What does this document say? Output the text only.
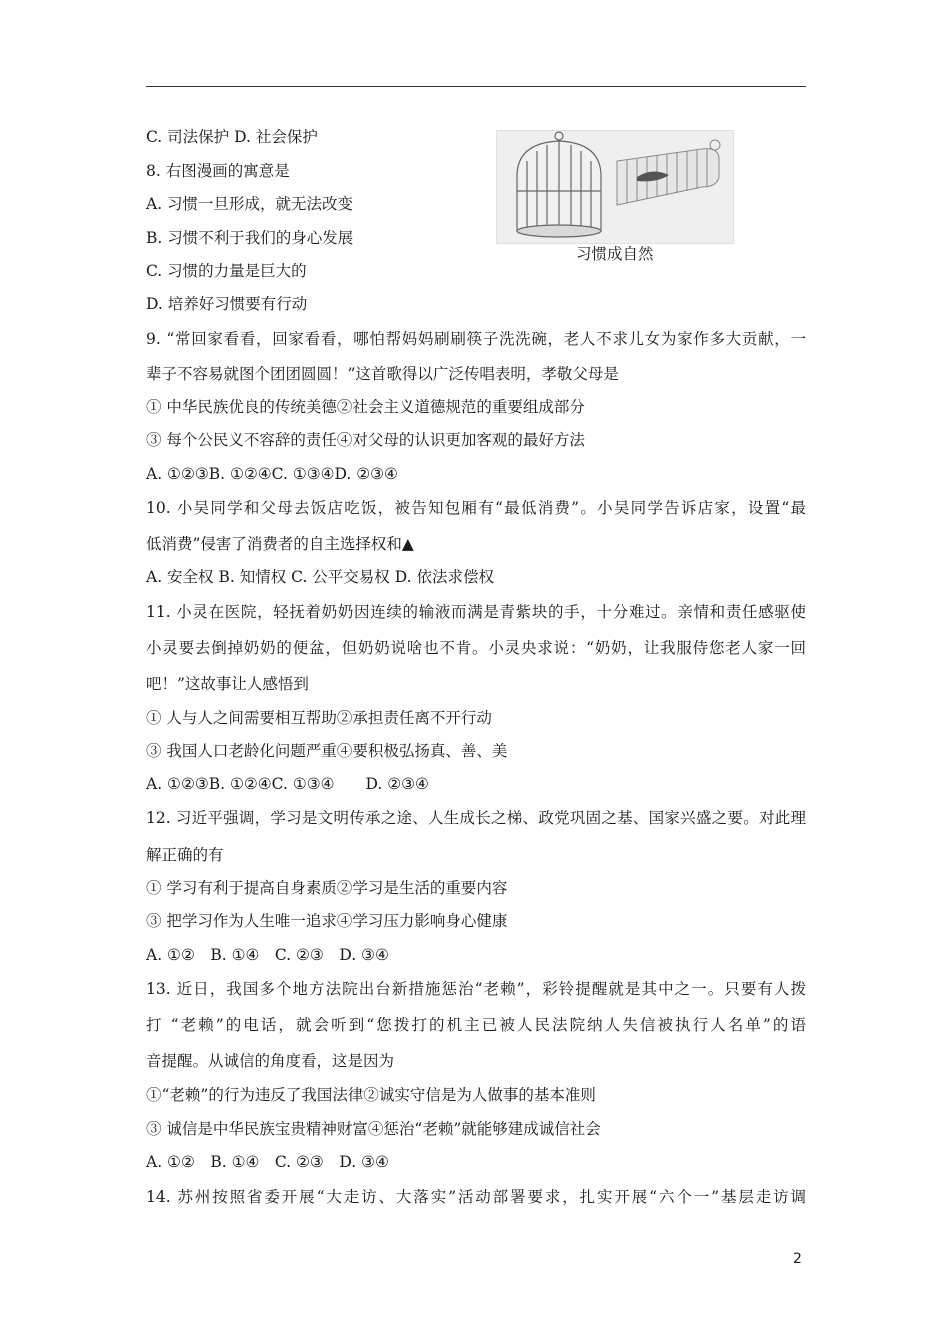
习惯成自然
C. 司法保护 D. 社会保护
8. 右图漫画的寓意是
A. 习惯一旦形成，就无法改变
B. 习惯不利于我们的身心发展
C. 习惯的力量是巨大的
D. 培养好习惯要有行动
9. “常回家看看，回家看看，哪怕帮妈妈刷刷筷子洗洗碗，老人不求儿女为家作多大贡献，一
辈子不容易就图个团团圆圆！”这首歌得以广泛传唱表明，孝敬父母是
① 中华民族优良的传统美德②社会主义道德规范的重要组成部分
③ 每个公民义不容辞的责任④对父母的认识更加客观的最好方法
A. ①②③B. ①②④C. ①③④D. ②③④
10. 小吴同学和父母去饭店吃饭，被告知包厢有“最低消费”。小吴同学告诉店家，设置“最
低消费”侵害了消费者的自主选择权和▲
A. 安全权 B. 知情权 C. 公平交易权 D. 依法求偿权
11. 小灵在医院，轻抚着奶奶因连续的输液而满是青紫块的手，十分难过。亲情和责任感驱使
小灵要去倒掉奶奶的便盆，但奶奶说啥也不肯。小灵央求说：“奶奶，让我服侍您老人家一回
吧！”这故事让人感悟到
① 人与人之间需要相互帮助②承担责任离不开行动
③ 我国人口老龄化问题严重④要积极弘扬真、善、美
A. ①②③B. ①②④C. ①③④　　D. ②③④
12. 习近平强调，学习是文明传承之途、人生成长之梯、政党巩固之基、国家兴盛之要。对此理
解正确的有
① 学习有利于提高自身素质②学习是生活的重要内容
③ 把学习作为人生唯一追求④学习压力影响身心健康
A. ①②　B. ①④　C. ②③　D. ③④
13. 近日，我国多个地方法院出台新措施惩治“老赖”，彩铃提醒就是其中之一。只要有人拨
打 “老赖”的电话，就会听到“您拨打的机主已被人民法院纳人失信被执行人名单”的语
音提醒。从诚信的角度看，这是因为
①“老赖”的行为违反了我国法律②诚实守信是为人做事的基本准则
③ 诚信是中华民族宝贵精神财富④惩治“老赖”就能够建成诚信社会
A. ①②　B. ①④　C. ②③　D. ③④
14. 苏州按照省委开展“大走访、大落实”活动部署要求，扎实开展“六个一”基层走访调
2
